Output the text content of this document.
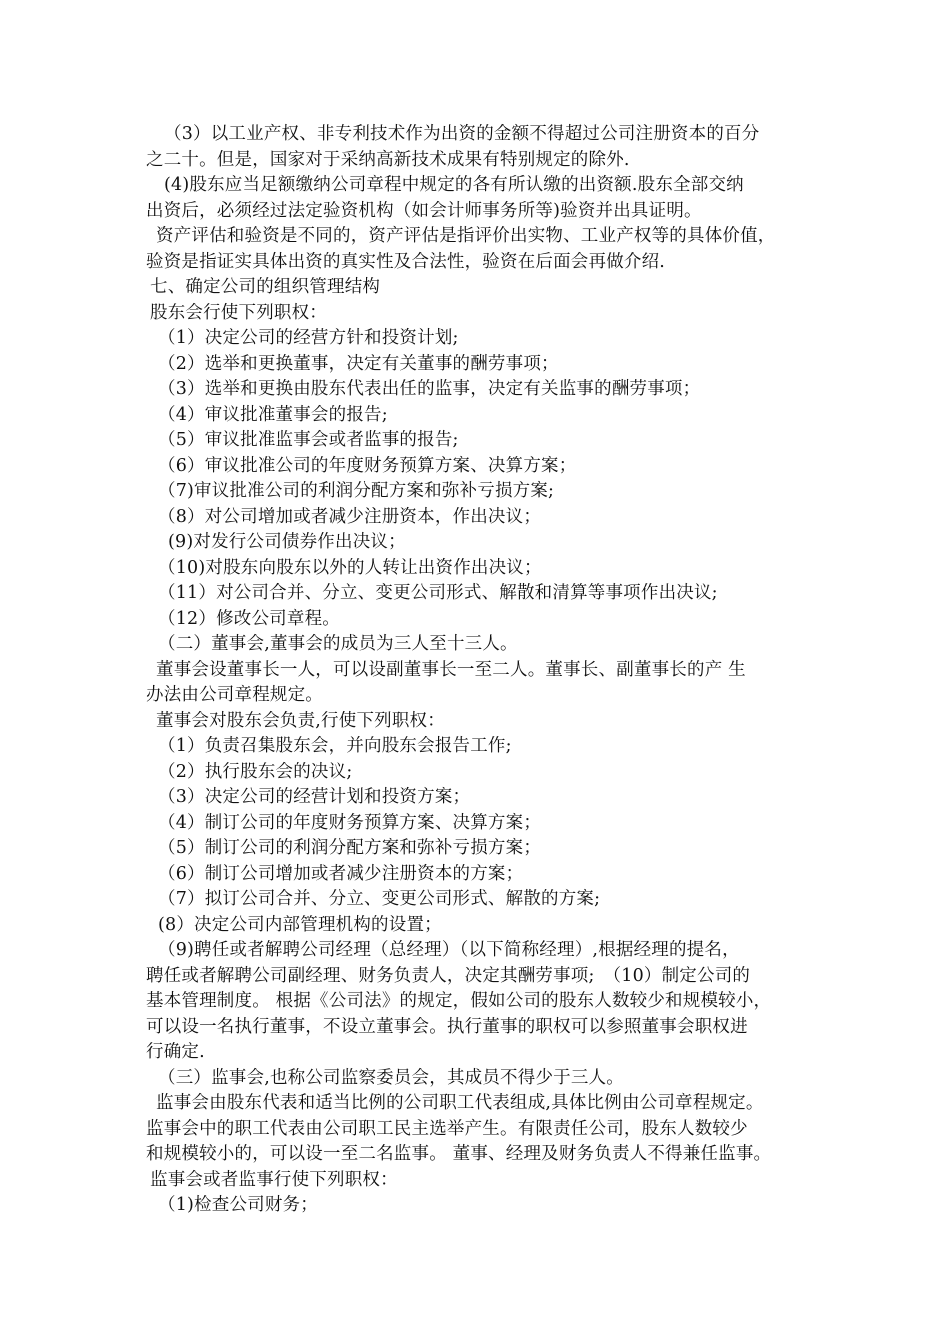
（3）以工业产权、非专利技术作为出资的金额不得超过公司注册资本的百分
之二十。但是，国家对于采纳高新技术成果有特别规定的除外.
(4)股东应当足额缴纳公司章程中规定的各有所认缴的出资额.股东全部交纳
出资后，必须经过法定验资机构（如会计师事务所等)验资并出具证明。
资产评估和验资是不同的，资产评估是指评价出实物、工业产权等的具体价值，
验资是指证实具体出资的真实性及合法性，验资在后面会再做介绍.
七、确定公司的组织管理结构
股东会行使下列职权：
（1）决定公司的经营方针和投资计划;
（2）选举和更换董事，决定有关董事的酬劳事项；
（3）选举和更换由股东代表出任的监事，决定有关监事的酬劳事项；
（4）审议批准董事会的报告;
（5）审议批准监事会或者监事的报告;
（6）审议批准公司的年度财务预算方案、决算方案；
（7)审议批准公司的利润分配方案和弥补亏损方案;
（8）对公司增加或者减少注册资本，作出决议；
(9)对发行公司债券作出决议；
（10)对股东向股东以外的人转让出资作出决议；
（11）对公司合并、分立、变更公司形式、解散和清算等事项作出决议;
（12）修改公司章程。
（二）董事会,董事会的成员为三人至十三人。
董事会设董事长一人，可以设副董事长一至二人。董事长、副董事长的产 生
办法由公司章程规定。
董事会对股东会负责,行使下列职权：
（1）负责召集股东会，并向股东会报告工作;
（2）执行股东会的决议;
（3）决定公司的经营计划和投资方案；
（4）制订公司的年度财务预算方案、决算方案；
（5）制订公司的利润分配方案和弥补亏损方案；
（6）制订公司增加或者减少注册资本的方案；
（7）拟订公司合并、分立、变更公司形式、解散的方案;
(8）决定公司内部管理机构的设置；
（9)聘任或者解聘公司经理（总经理）（以下简称经理）,根据经理的提名，
聘任或者解聘公司副经理、财务负责人，决定其酬劳事项;　（10）制定公司的
基本管理制度。 根据《公司法》的规定，假如公司的股东人数较少和规模较小，
可以设一名执行董事，不设立董事会。执行董事的职权可以参照董事会职权进
行确定.
（三）监事会,也称公司监察委员会，其成员不得少于三人。
监事会由股东代表和适当比例的公司职工代表组成,具体比例由公司章程规定。
监事会中的职工代表由公司职工民主选举产生。有限责任公司，股东人数较少
和规模较小的，可以设一至二名监事。 董事、经理及财务负责人不得兼任监事。
监事会或者监事行使下列职权：
（1)检查公司财务；
